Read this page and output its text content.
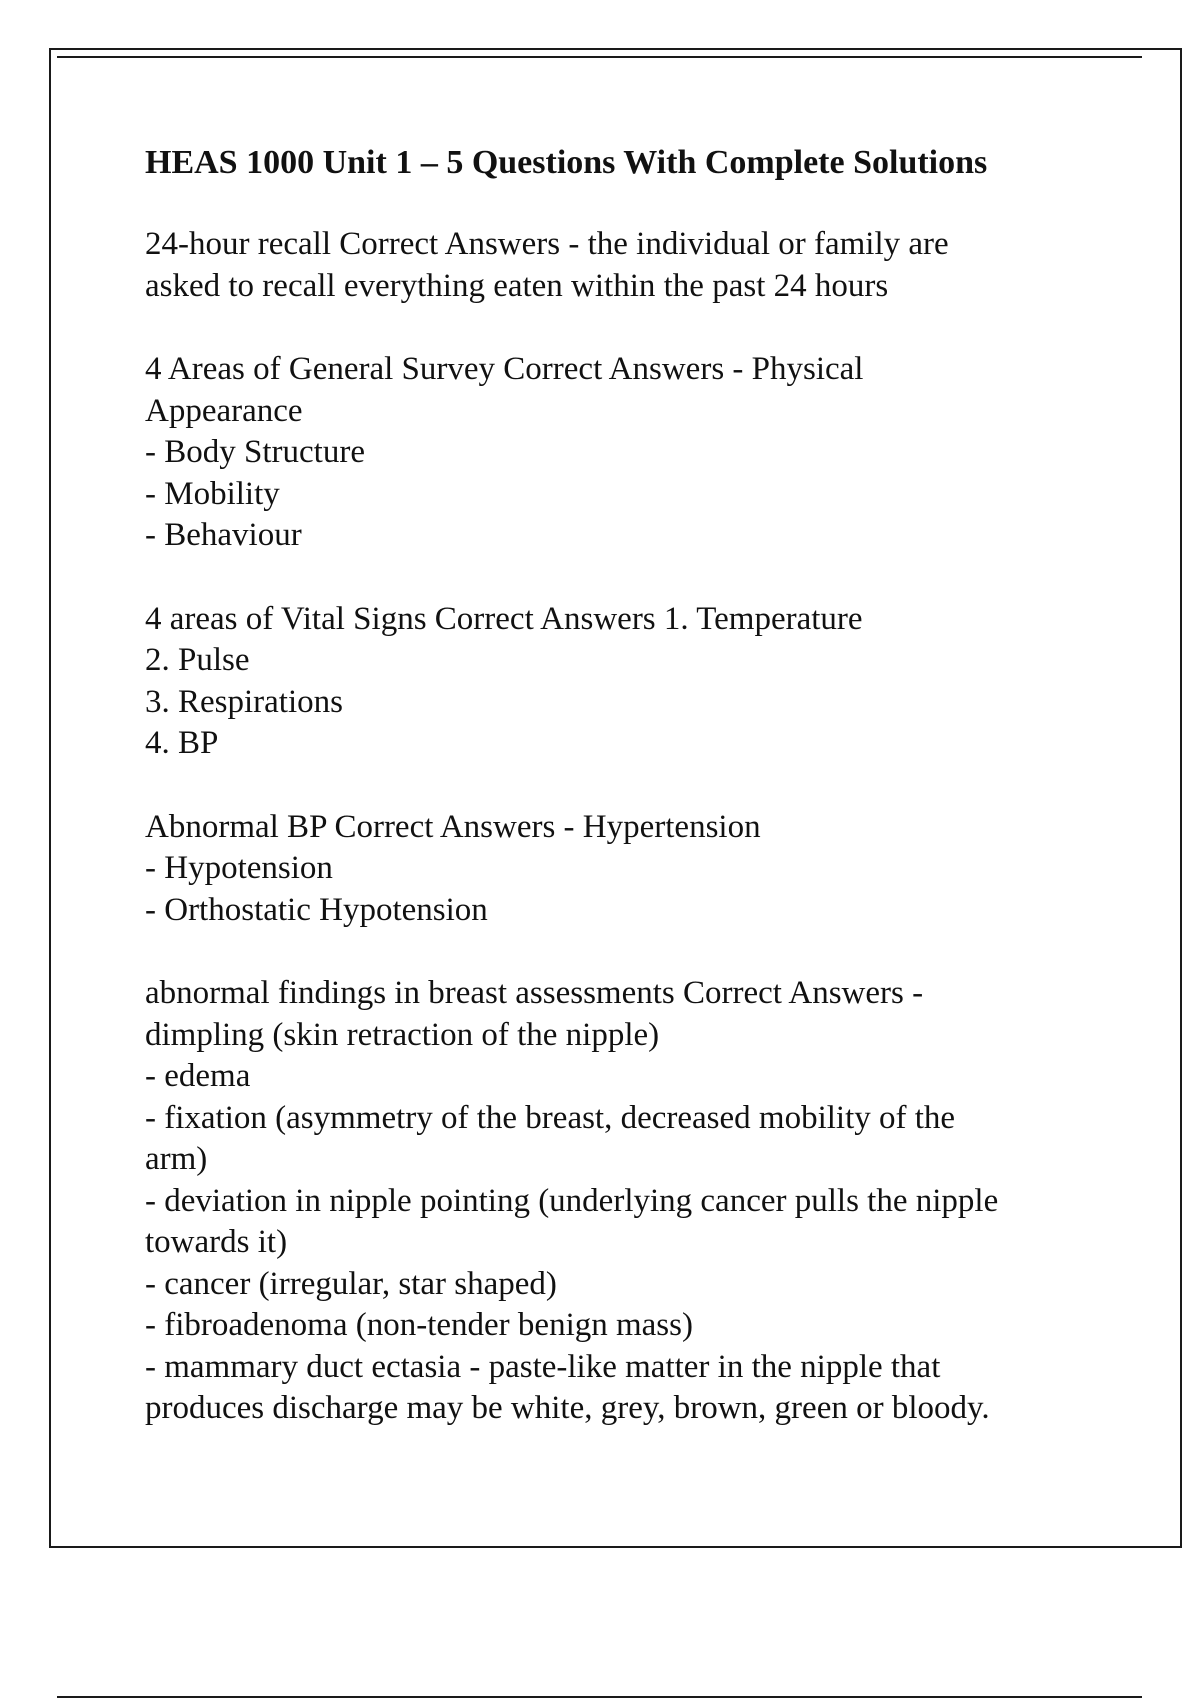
HEAS 1000 Unit 1 – 5 Questions With Complete Solutions
24-hour recall Correct Answers - the individual or family are
asked to recall everything eaten within the past 24 hours
4 Areas of General Survey Correct Answers - Physical
Appearance
- Body Structure
- Mobility
- Behaviour
4 areas of Vital Signs Correct Answers 1. Temperature
2. Pulse
3. Respirations
4. BP
Abnormal BP Correct Answers - Hypertension
- Hypotension
- Orthostatic Hypotension
abnormal findings in breast assessments Correct Answers -
dimpling (skin retraction of the nipple)
- edema
- fixation (asymmetry of the breast, decreased mobility of the
arm)
- deviation in nipple pointing (underlying cancer pulls the nipple
towards it)
- cancer (irregular, star shaped)
- fibroadenoma (non-tender benign mass)
- mammary duct ectasia - paste-like matter in the nipple that
produces discharge may be white, grey, brown, green or bloody.
